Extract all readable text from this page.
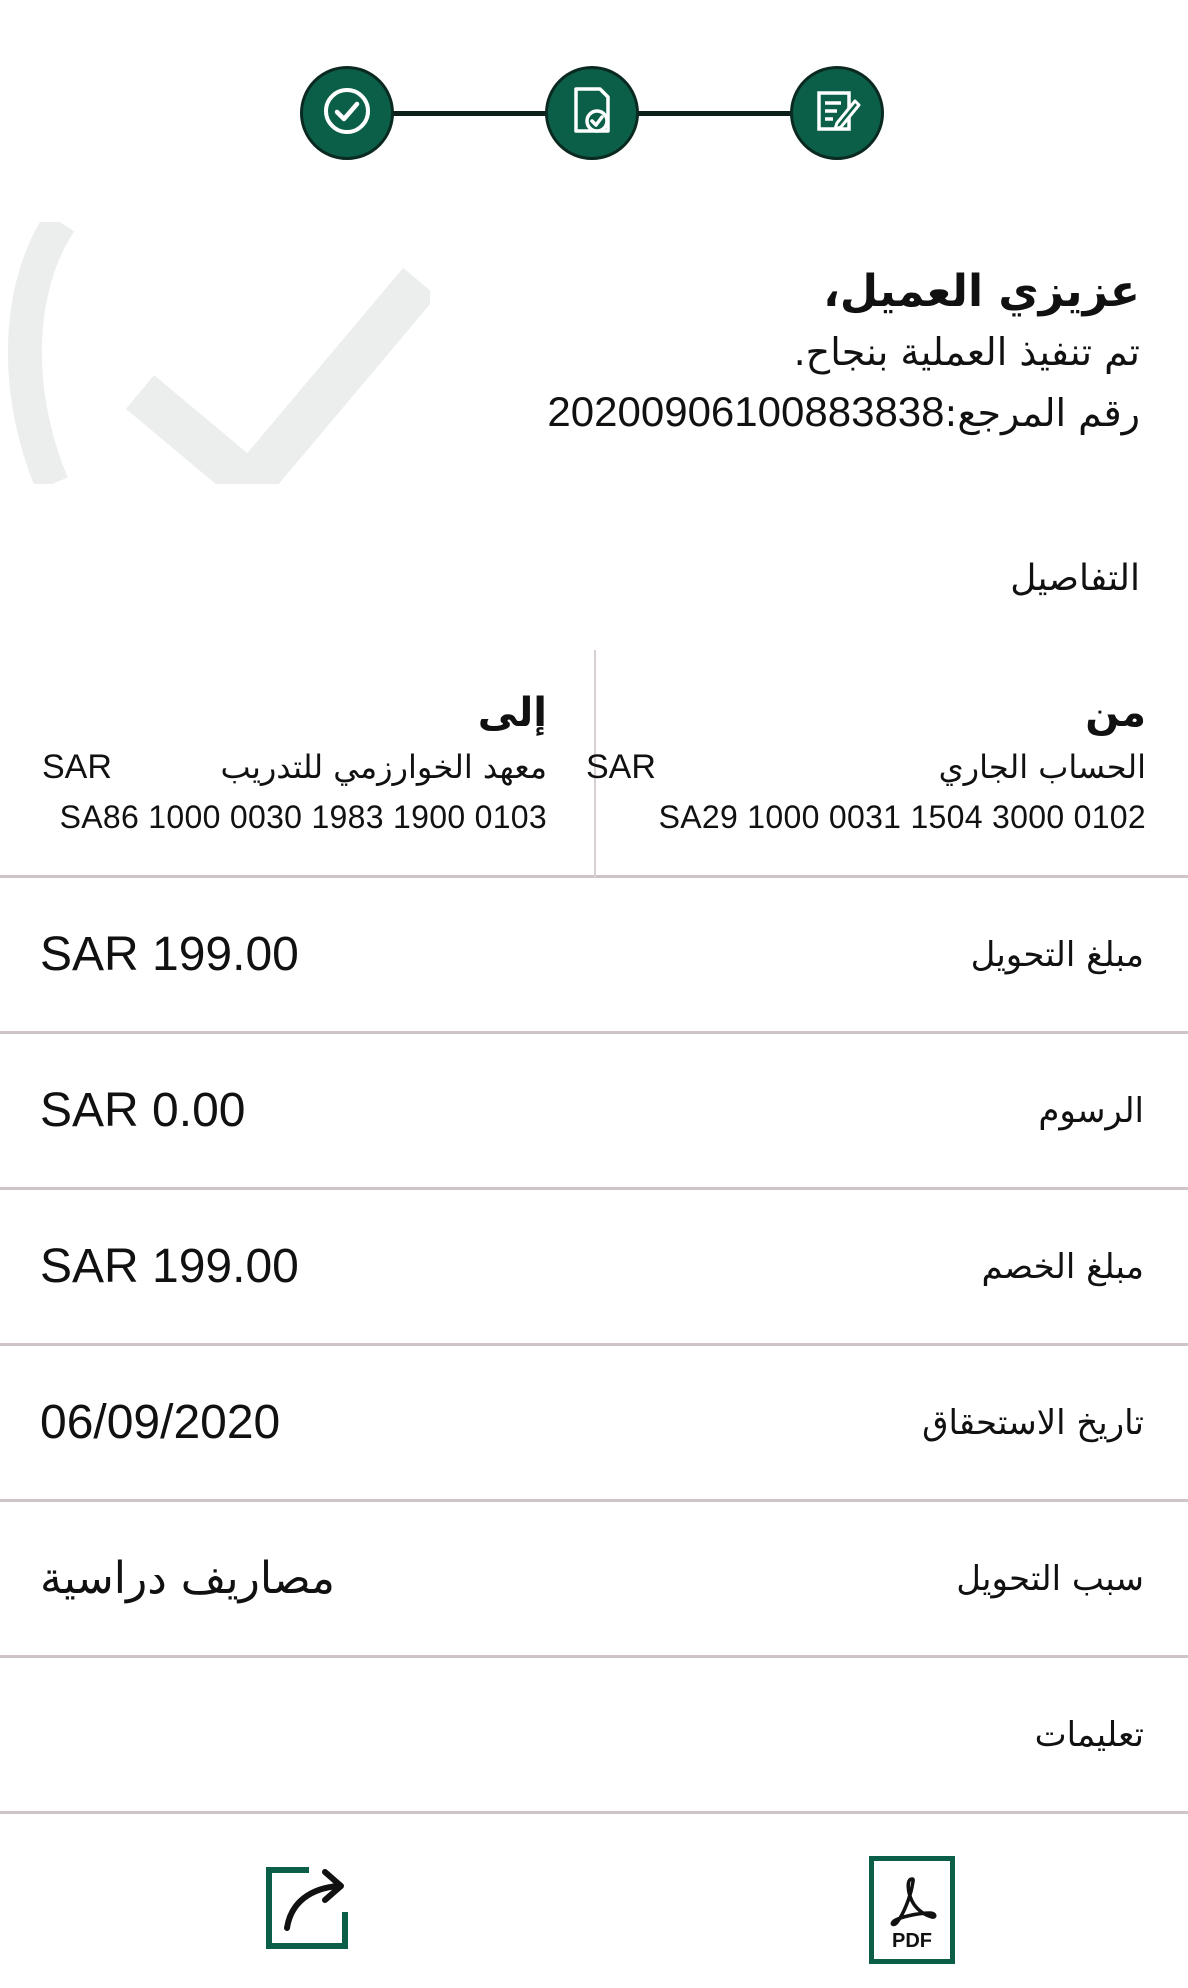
عزيزي العميل،

تم تنفيذ العملية بنجاح.

رقم المرجع:20200906100883838

التفاصيل

من
SAR	الحساب الجاري
SA29 1000 0031 1504 3000 0102
إلى
SAR	معهد الخوارزمي للتدريب
SA86 1000 0030 1983 1900 0103
مبلغ التحويل
SAR 199.00
الرسوم
SAR 0.00
مبلغ الخصم
SAR 199.00
تاريخ الاستحقاق
06/09/2020
سبب التحويل
مصاريف دراسية
تعليمات
PDF
